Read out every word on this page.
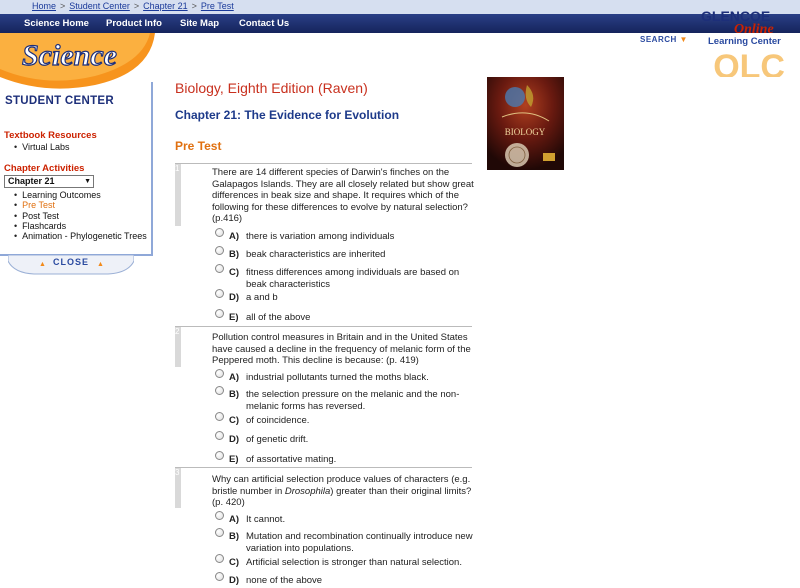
Home > Student Center > Chapter 21 > Pre Test
Science Home Product Info Site Map Contact Us
Science	OLC
GLENCOE
Online
Learning Center
SEARCH ▼
STUDENT CENTER
Textbook Resources
• Virtual Labs
Chapter Activities
Chapter 21	▼
• Learning Outcomes
• Pre Test
• Post Test
• Flashcards
• Animation - Phylogenetic Trees
▲	▲
CLOSE
Biology, Eighth Edition (Raven)
Chapter 21: The Evidence for Evolution
Pre Test
BIOLOGY
1	There are 14 different species of Darwin's finches on the Galapagos Islands. They are all closely related but show great differences in beak size and shape. It requires which of the following for these differences to evolve by natural selection? (p.416)
A) there is variation among individuals
B) beak characteristics are inherited
C) fitness differences among individuals are based on beak characteristics
D) a and b
E) all of the above
2
Pollution control measures in Britain and in the United States have caused a decline in the frequency of melanic form of the Peppered moth. This decline is because: (p. 419)
A) industrial pollutants turned the moths black.
B) the selection pressure on the melanic and the non-melanic forms has reversed.
C) of coincidence.
D) of genetic drift.
E) of assortative mating.
3
Why can artificial selection produce values of characters (e.g. bristle number in Drosophila) greater than their original limits? (p. 420)
A) It cannot.
B) Mutation and recombination continually introduce new variation into populations.
C) Artificial selection is stronger than natural selection.
D) none of the above
